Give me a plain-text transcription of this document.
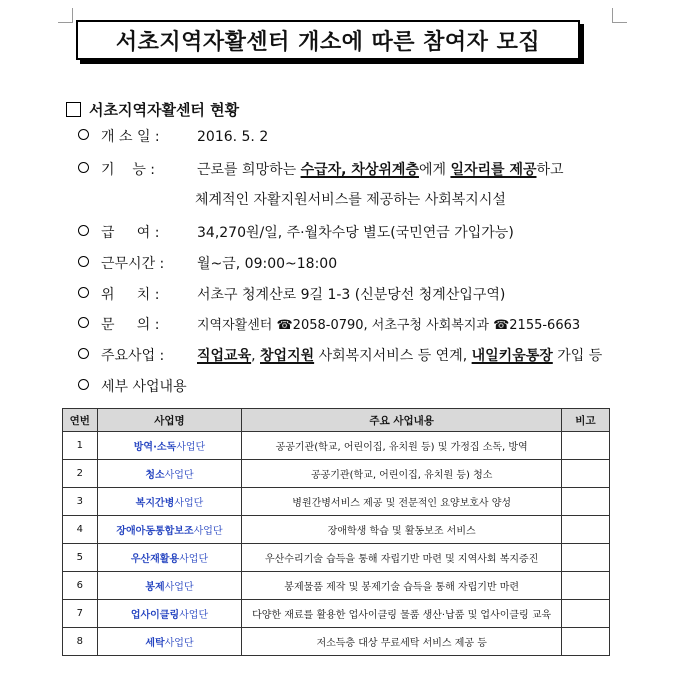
서초지역자활센터 개소에 따른 참여자 모집
서초지역자활센터 현황
개 소 일 :	2016. 5. 2
기    능 :	근로를 희망하는 수급자, 차상위계층 에게 일자리를 제공 하고
체계적인 자활지원서비스를 제공하는 사회복지시설
급     여 :	34,270원/일, 주·월차수당 별도(국민연금 가입가능)
근무시간 :	월~금, 09:00~18:00
위     치 :	서초구 청계산로 9길 1-3 (신분당선 청계산입구역)
문     의 :	지역자활센터 ☎2058-0790, 서초구청 사회복지과 ☎2155-6663
주요사업 :	직업교육 , 창업지원 사회복지서비스 등 연계, 내일키움통장 가입 등
세부 사업내용
연번	사업명	주요 사업내용	비고
1	방역·소독사업단	공공기관(학교, 어린이집, 유치원 등) 및 가정집 소독, 방역	
2	청소사업단	공공기관(학교, 어린이집, 유치원 등) 청소	
3	복지간병사업단	병원간병서비스 제공 및 전문적인 요양보호사 양성	
4	장애아동통합보조사업단	장애학생 학습 및 활동보조 서비스	
5	우산재활용사업단	우산수리기술 습득을 통해 자립기반 마련 및 지역사회 복지증진	
6	봉제사업단	봉제물품 제작 및 봉제기술 습득을 통해 자립기반 마련	
7	업사이클링사업단	다양한 재료를 활용한 업사이클링 물품 생산·납품 및 업사이클링 교육	
8	세탁사업단	저소득층 대상 무료세탁 서비스 제공 등	
